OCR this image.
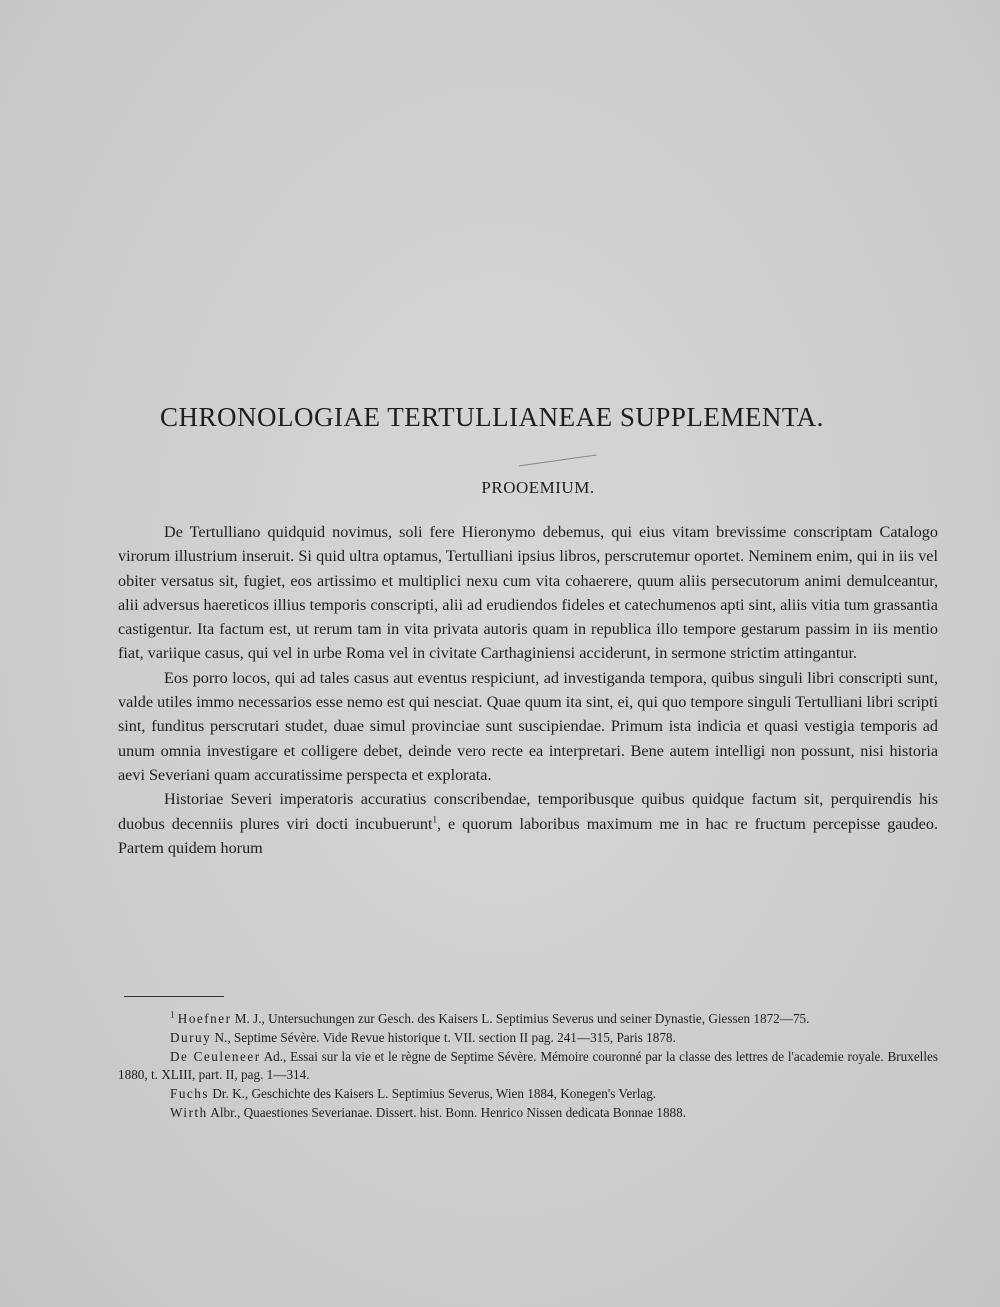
CHRONOLOGIAE TERTULLIANEAE SUPPLEMENTA.
PROOEMIUM.

De Tertulliano quidquid novimus, soli fere Hieronymo debemus, qui eius vitam brevissime conscriptam Catalogo virorum illustrium inseruit. Si quid ultra optamus, Tertulliani ipsius libros, perscrutemur oportet. Neminem enim, qui in iis vel obiter versatus sit, fugiet, eos artissimo et multiplici nexu cum vita cohaerere, quum aliis persecutorum animi demulceantur, alii adversus haereticos illius temporis conscripti, alii ad erudiendos fideles et catechumenos apti sint, aliis vitia tum grassantia castigentur. Ita factum est, ut rerum tam in vita privata autoris quam in republica illo tempore gestarum passim in iis mentio fiat, variique casus, qui vel in urbe Roma vel in civitate Carthaginiensi acciderunt, in sermone strictim attingantur.

Eos porro locos, qui ad tales casus aut eventus respiciunt, ad investiganda tempora, quibus singuli libri conscripti sunt, valde utiles immo necessarios esse nemo est qui nesciat. Quae quum ita sint, ei, qui quo tempore singuli Tertulliani libri scripti sint, funditus perscrutari studet, duae simul provinciae sunt suscipiendae. Primum ista indicia et quasi vestigia temporis ad unum omnia investigare et colligere debet, deinde vero recte ea interpretari. Bene autem intelligi non possunt, nisi historia aevi Severiani quam accuratissime perspecta et explorata.

Historiae Severi imperatoris accuratius conscribendae, temporibusque quibus quidque factum sit, perquirendis his duobus decenniis plures viri docti incubuerunt$^1$, e quorum laboribus maximum me in hac re fructum percepisse gaudeo. Partem quidem horum

$^1$ Hoefner M. J., Untersuchungen zur Gesch. des Kaisers L. Septimius Severus und seiner Dynastie, Giessen 1872—75.

Duruy N., Septime Sévère. Vide Revue historique t. VII. section II pag. 241—315, Paris 1878.

De Ceuleneer Ad., Essai sur la vie et le règne de Septime Sévère. Mémoire couronné par la classe des lettres de l'academie royale. Bruxelles 1880, t. XLIII, part. II, pag. 1—314.

Fuchs Dr. K., Geschichte des Kaisers L. Septimius Severus, Wien 1884, Konegen's Verlag.

Wirth Albr., Quaestiones Severianae. Dissert. hist. Bonn. Henrico Nissen dedicata Bonnae 1888.
